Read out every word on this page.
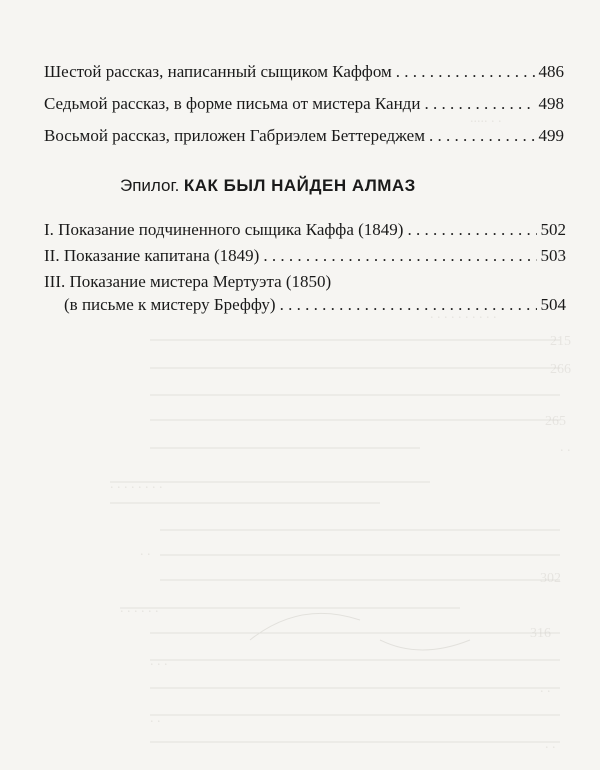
..... . .
. . . . . . . . . .
215
266
265
. .
. . . . . . . .
. .
302
. . . . . .
316
. . .
. .
. .
. .
Шестой рассказ, написанный сыщиком Каффом . . .	486
Седьмой рассказ, в форме письма от мистера Канди . . .	498
Восьмой рассказ, приложен Габриэлем Беттереджем . . .	499
Эпилог. КАК БЫЛ НАЙДЕН АЛМАЗ
I. Показание подчиненного сыщика Каффа (1849) . . .	502
II. Показание капитана (1849) . . .	503
III. Показание мистера Мертуэта (1850)
(в письме к мистеру Бреффу) . . .	504
